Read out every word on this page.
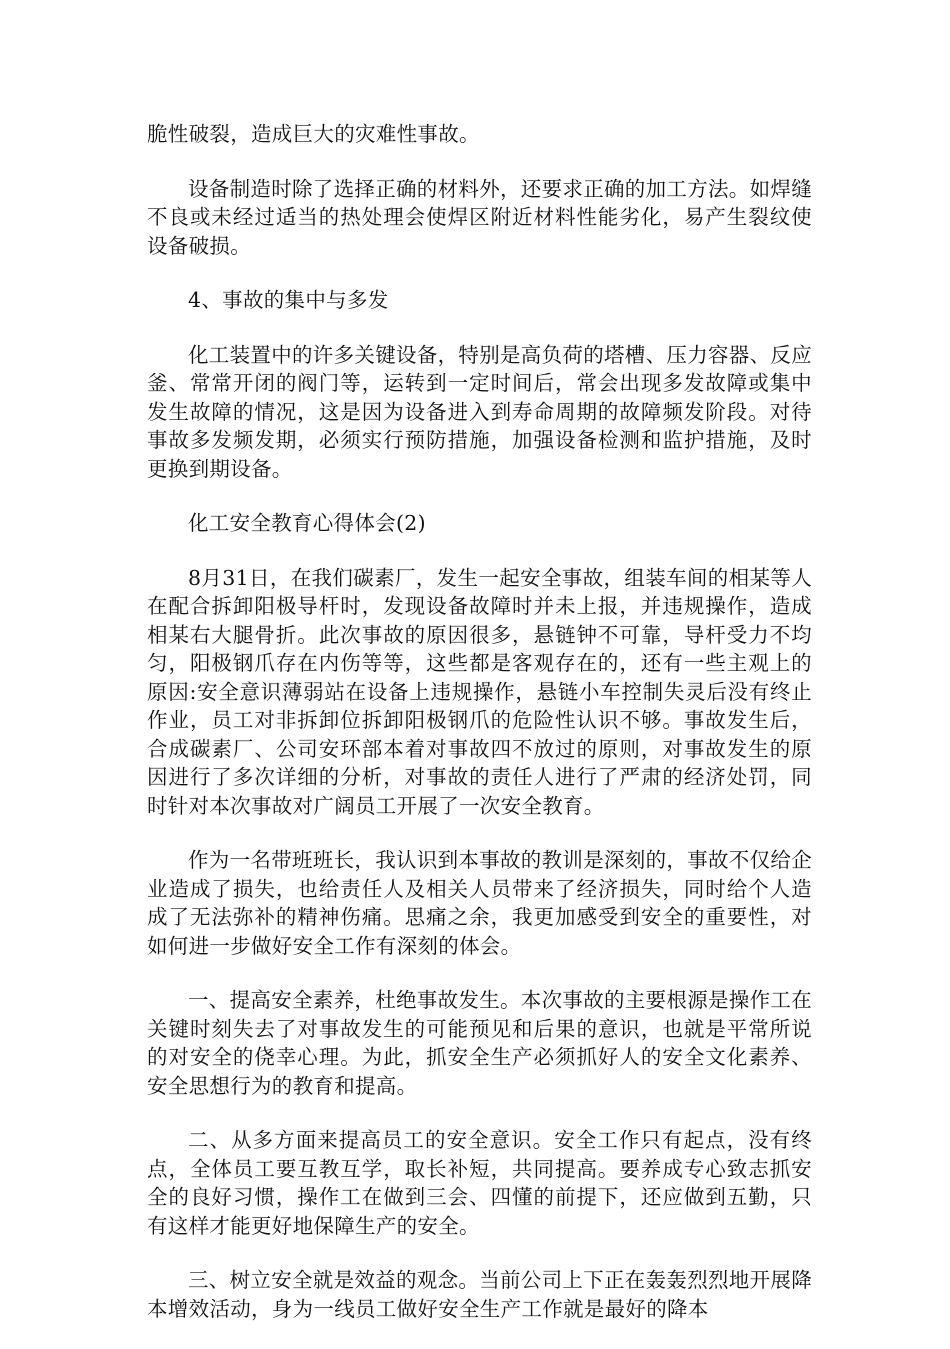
脆性破裂，造成巨大的灾难性事故。

设备制造时除了选择正确的材料外，还要求正确的加工方法。如焊缝不良或未经过适当的热处理会使焊区附近材料性能劣化，易产生裂纹使设备破损。

4、事故的集中与多发

化工装置中的许多关键设备，特别是高负荷的塔槽、压力容器、反应釜、常常开闭的阀门等，运转到一定时间后，常会出现多发故障或集中发生故障的情况，这是因为设备进入到寿命周期的故障频发阶段。对待事故多发频发期，必须实行预防措施，加强设备检测和监护措施，及时更换到期设备。

化工安全教育心得体会(2)

8月31日，在我们碳素厂，发生一起安全事故，组装车间的相某等人在配合拆卸阳极导杆时，发现设备故障时并未上报，并违规操作，造成相某右大腿骨折。此次事故的原因很多，悬链钟不可靠，导杆受力不均匀，阳极钢爪存在内伤等等，这些都是客观存在的，还有一些主观上的原因:安全意识薄弱站在设备上违规操作，悬链小车控制失灵后没有终止作业，员工对非拆卸位拆卸阳极钢爪的危险性认识不够。事故发生后，合成碳素厂、公司安环部本着对事故四不放过的原则，对事故发生的原因进行了多次详细的分析，对事故的责任人进行了严肃的经济处罚，同时针对本次事故对广阔员工开展了一次安全教育。

作为一名带班班长，我认识到本事故的教训是深刻的，事故不仅给企业造成了损失，也给责任人及相关人员带来了经济损失，同时给个人造成了无法弥补的精神伤痛。思痛之余，我更加感受到安全的重要性，对如何进一步做好安全工作有深刻的体会。

一、提高安全素养，杜绝事故发生。本次事故的主要根源是操作工在关键时刻失去了对事故发生的可能预见和后果的意识，也就是平常所说的对安全的侥幸心理。为此，抓安全生产必须抓好人的安全文化素养、安全思想行为的教育和提高。

二、从多方面来提高员工的安全意识。安全工作只有起点，没有终点，全体员工要互教互学，取长补短，共同提高。要养成专心致志抓安全的良好习惯，操作工在做到三会、四懂的前提下，还应做到五勤，只有这样才能更好地保障生产的安全。

三、树立安全就是效益的观念。当前公司上下正在轰轰烈烈地开展降本增效活动，身为一线员工做好安全生产工作就是最好的降本
